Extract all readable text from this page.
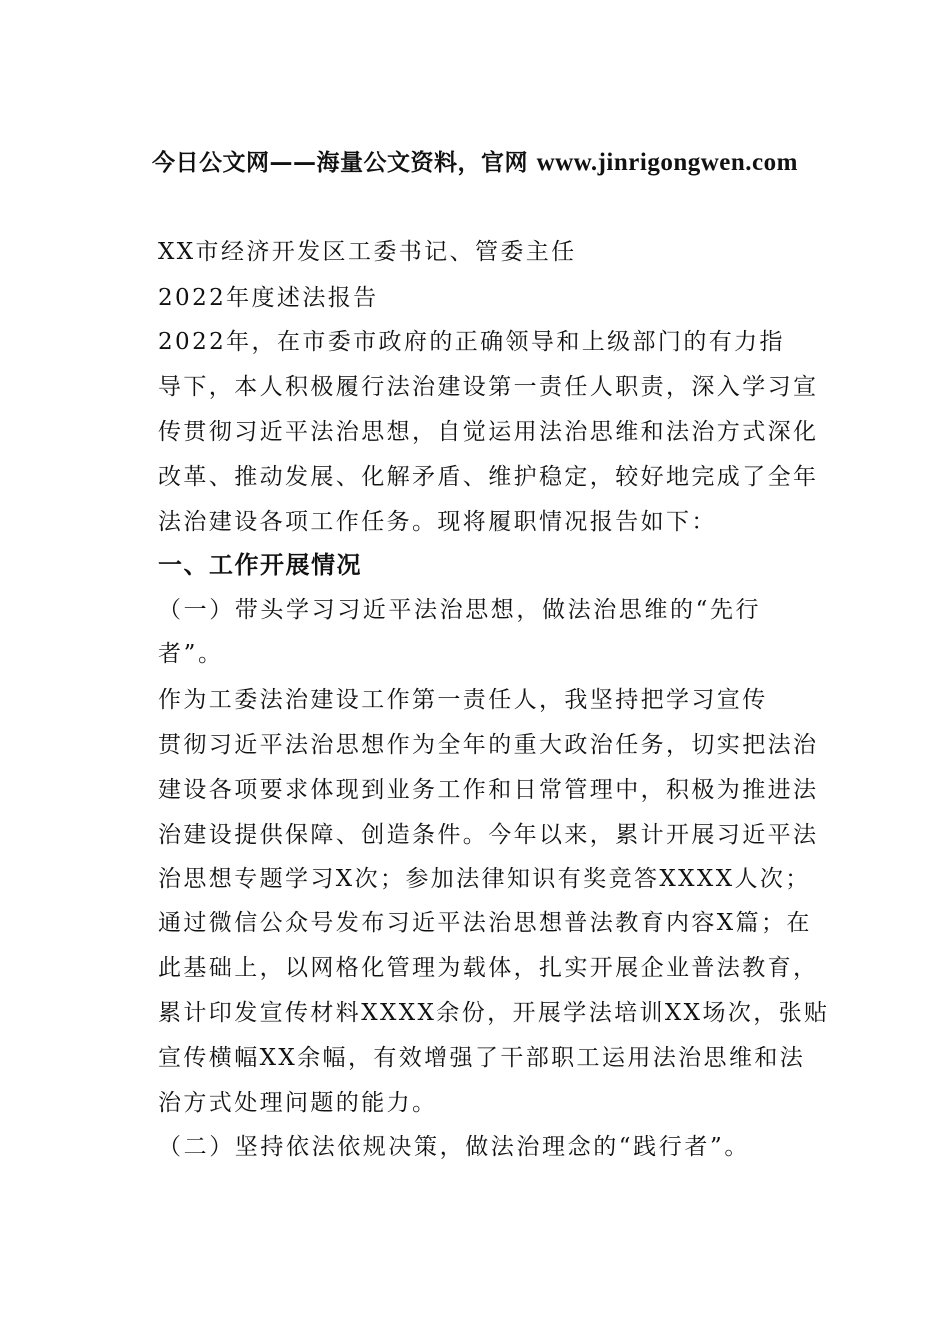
今日公文网——海量公文资料，官网 www.jinrigongwen.com
XX市经济开发区工委书记、管委主任
2022年度述法报告
2022年，在市委市政府的正确领导和上级部门的有力指
导下，本人积极履行法治建设第一责任人职责，深入学习宣
传贯彻习近平法治思想，自觉运用法治思维和法治方式深化
改革、推动发展、化解矛盾、维护稳定，较好地完成了全年
法治建设各项工作任务。现将履职情况报告如下：
一、工作开展情况
（一）带头学习习近平法治思想，做法治思维的“先行
者”。
作为工委法治建设工作第一责任人，我坚持把学习宣传
贯彻习近平法治思想作为全年的重大政治任务，切实把法治
建设各项要求体现到业务工作和日常管理中，积极为推进法
治建设提供保障、创造条件。今年以来，累计开展习近平法
治思想专题学习X次；参加法律知识有奖竞答XXXX人次；
通过微信公众号发布习近平法治思想普法教育内容X篇；在
此基础上，以网格化管理为载体，扎实开展企业普法教育，
累计印发宣传材料XXXX余份，开展学法培训XX场次，张贴
宣传横幅XX余幅，有效增强了干部职工运用法治思维和法
治方式处理问题的能力。
（二）坚持依法依规决策，做法治理念的“践行者”。
